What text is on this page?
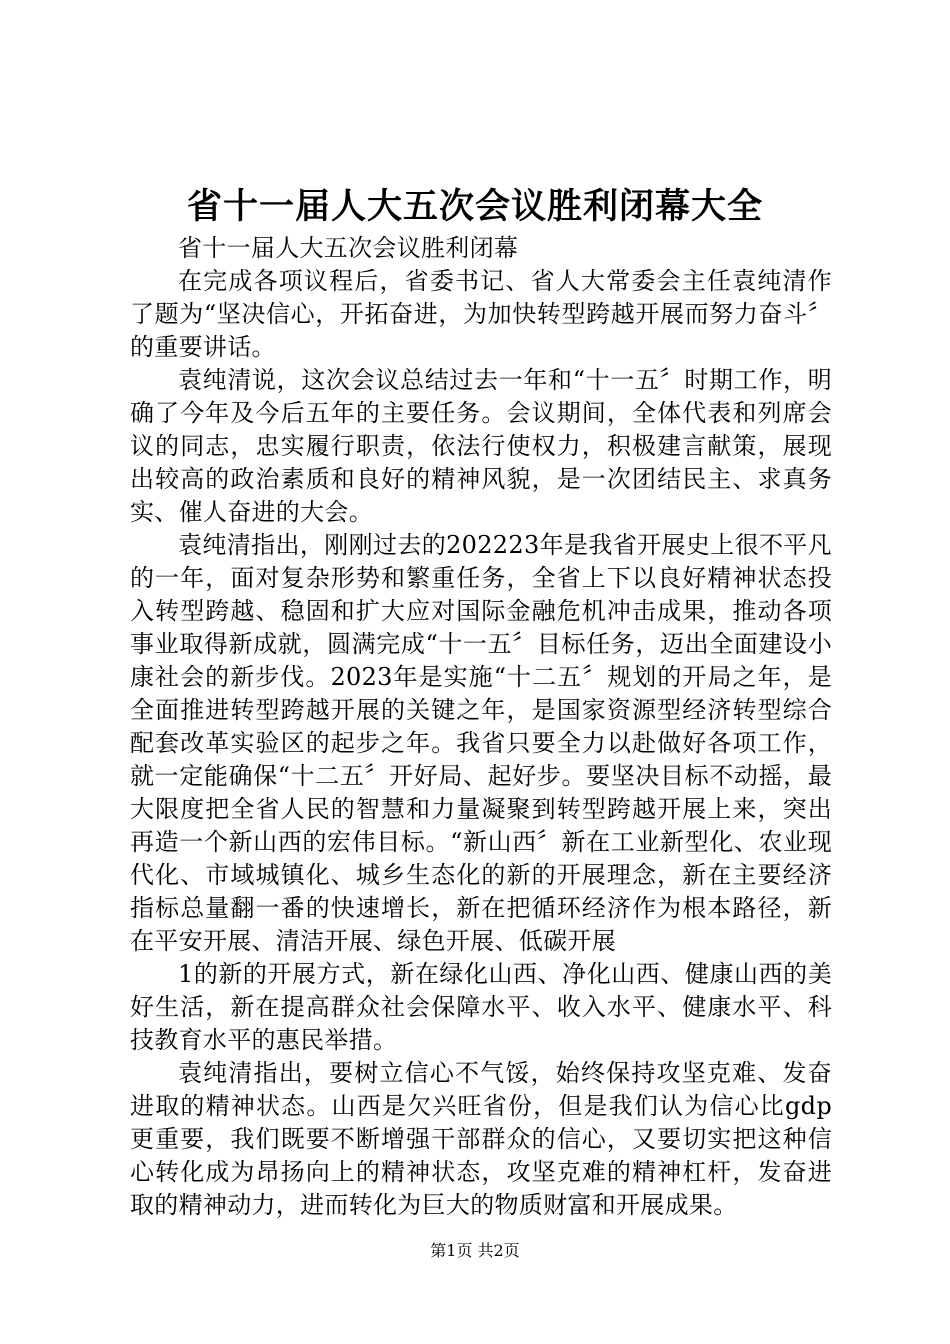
省十一届人大五次会议胜利闭幕大全

省十一届人大五次会议胜利闭幕

在完成各项议程后，省委书记、省人大常委会主任袁纯清作了题为“坚决信心，开拓奋进，为加快转型跨越开展而努力奋斗〞的重要讲话。

袁纯清说，这次会议总结过去一年和“十一五〞时期工作，明确了今年及今后五年的主要任务。会议期间，全体代表和列席会议的同志，忠实履行职责，依法行使权力，积极建言献策，展现出较高的政治素质和良好的精神风貌，是一次团结民主、求真务实、催人奋进的大会。

袁纯清指出，刚刚过去的202223年是我省开展史上很不平凡的一年，面对复杂形势和繁重任务，全省上下以良好精神状态投入转型跨越、稳固和扩大应对国际金融危机冲击成果，推动各项事业取得新成就，圆满完成“十一五〞目标任务，迈出全面建设小康社会的新步伐。2023年是实施“十二五〞规划的开局之年，是全面推进转型跨越开展的关键之年，是国家资源型经济转型综合配套改革实验区的起步之年。我省只要全力以赴做好各项工作，就一定能确保“十二五〞开好局、起好步。要坚决目标不动摇，最大限度把全省人民的智慧和力量凝聚到转型跨越开展上来，突出再造一个新山西的宏伟目标。“新山西〞新在工业新型化、农业现代化、市域城镇化、城乡生态化的新的开展理念，新在主要经济指标总量翻一番的快速增长，新在把循环经济作为根本路径，新在平安开展、清洁开展、绿色开展、低碳开展

1的新的开展方式，新在绿化山西、净化山西、健康山西的美好生活，新在提高群众社会保障水平、收入水平、健康水平、科技教育水平的惠民举措。

袁纯清指出，要树立信心不气馁，始终保持攻坚克难、发奋进取的精神状态。山西是欠兴旺省份，但是我们认为信心比gdp更重要，我们既要不断增强干部群众的信心，又要切实把这种信心转化成为昂扬向上的精神状态，攻坚克难的精神杠杆，发奋进取的精神动力，进而转化为巨大的物质财富和开展成果。

第1页 共2页
